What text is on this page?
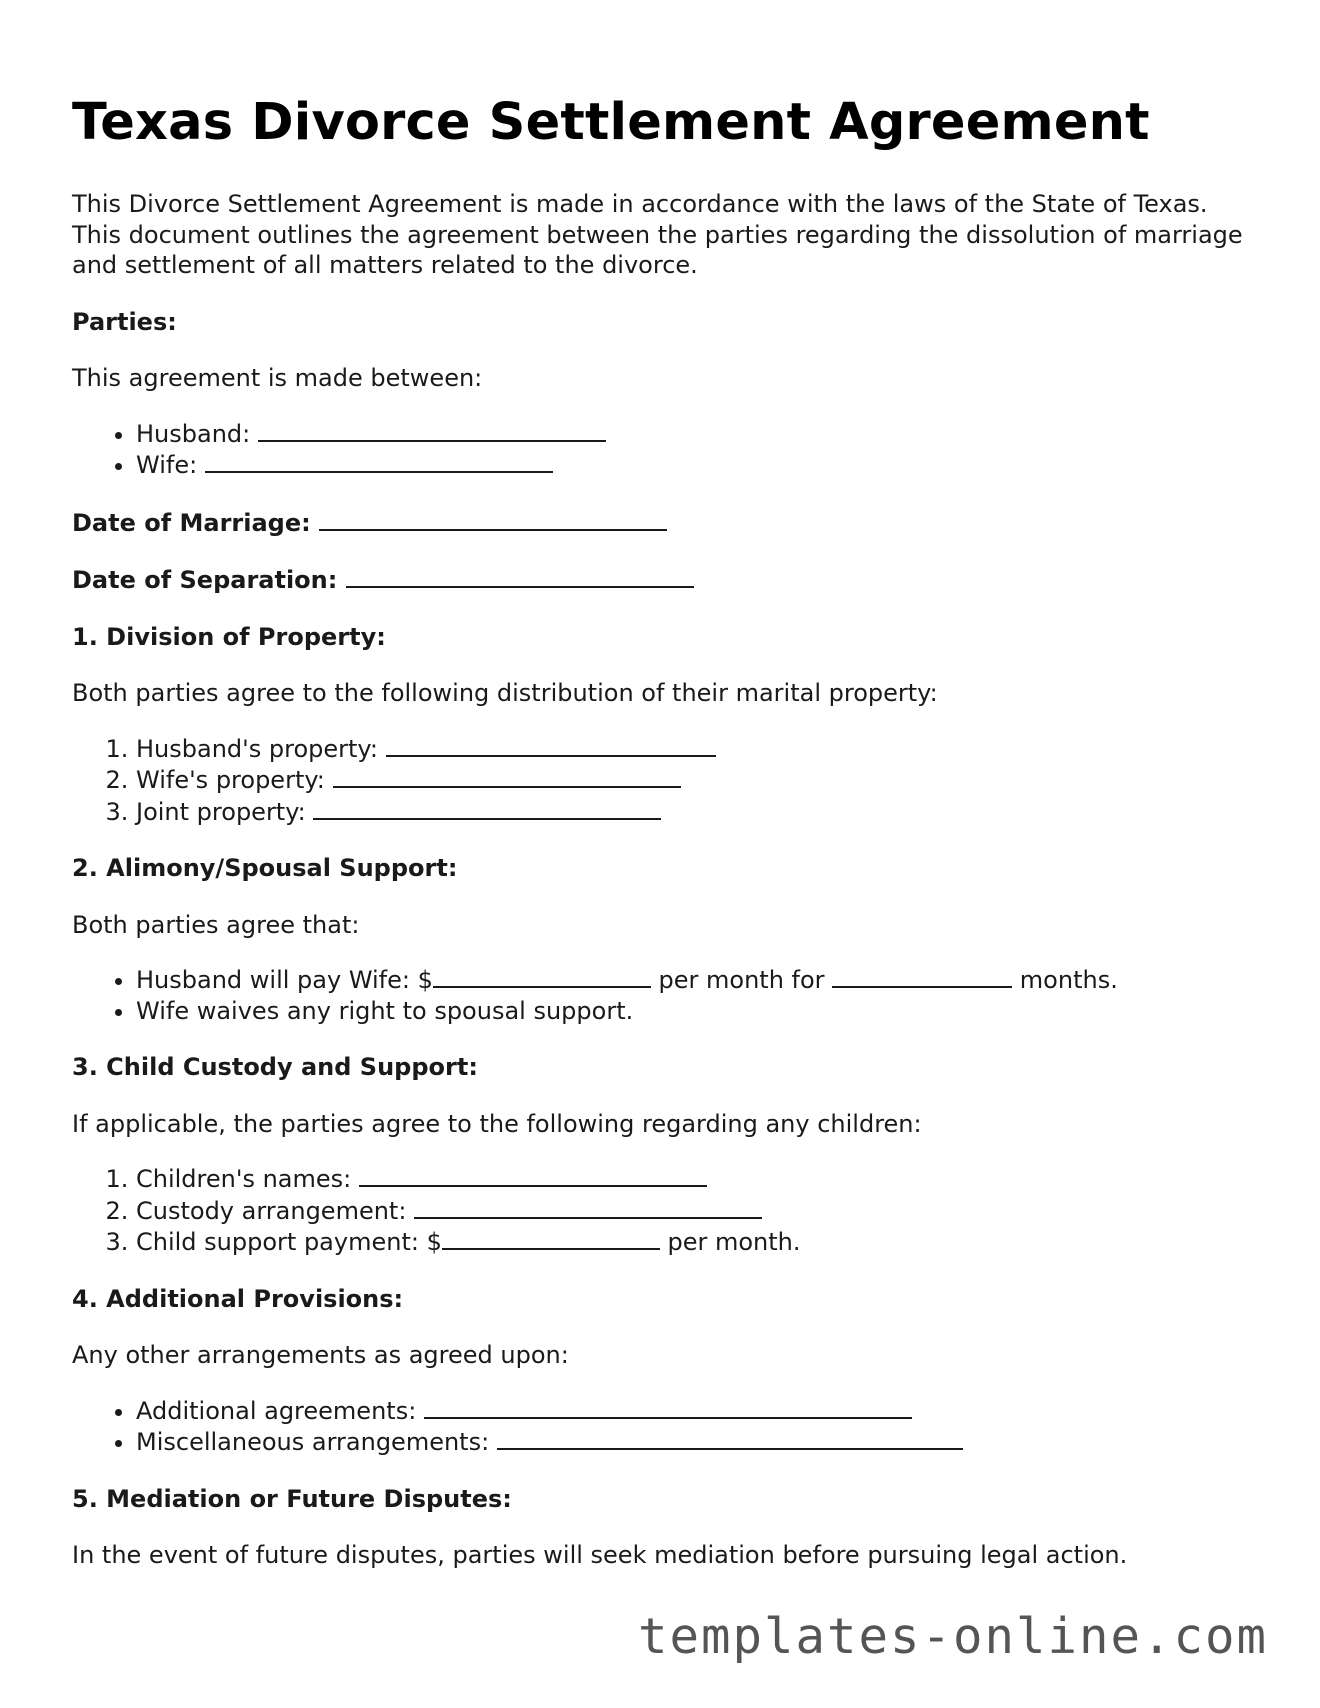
Texas Divorce Settlement Agreement

This Divorce Settlement Agreement is made in accordance with the laws of the State of Texas. This document outlines the agreement between the parties regarding the dissolution of marriage and settlement of all matters related to the divorce.

Parties:

This agreement is made between:

• Husband:
• Wife:

Date of Marriage:

Date of Separation:

1. Division of Property:

Both parties agree to the following distribution of their marital property:

1. Husband's property:
2. Wife's property:
3. Joint property:

2. Alimony/Spousal Support:

Both parties agree that:

• Husband will pay Wife: $	per month for	months.
• Wife waives any right to spousal support.

3. Child Custody and Support:

If applicable, the parties agree to the following regarding any children:

1. Children's names:
2. Custody arrangement:
3. Child support payment: $	per month.

4. Additional Provisions:

Any other arrangements as agreed upon:

• Additional agreements:
• Miscellaneous arrangements:

5. Mediation or Future Disputes:

In the event of future disputes, parties will seek mediation before pursuing legal action.

templates-online.com
